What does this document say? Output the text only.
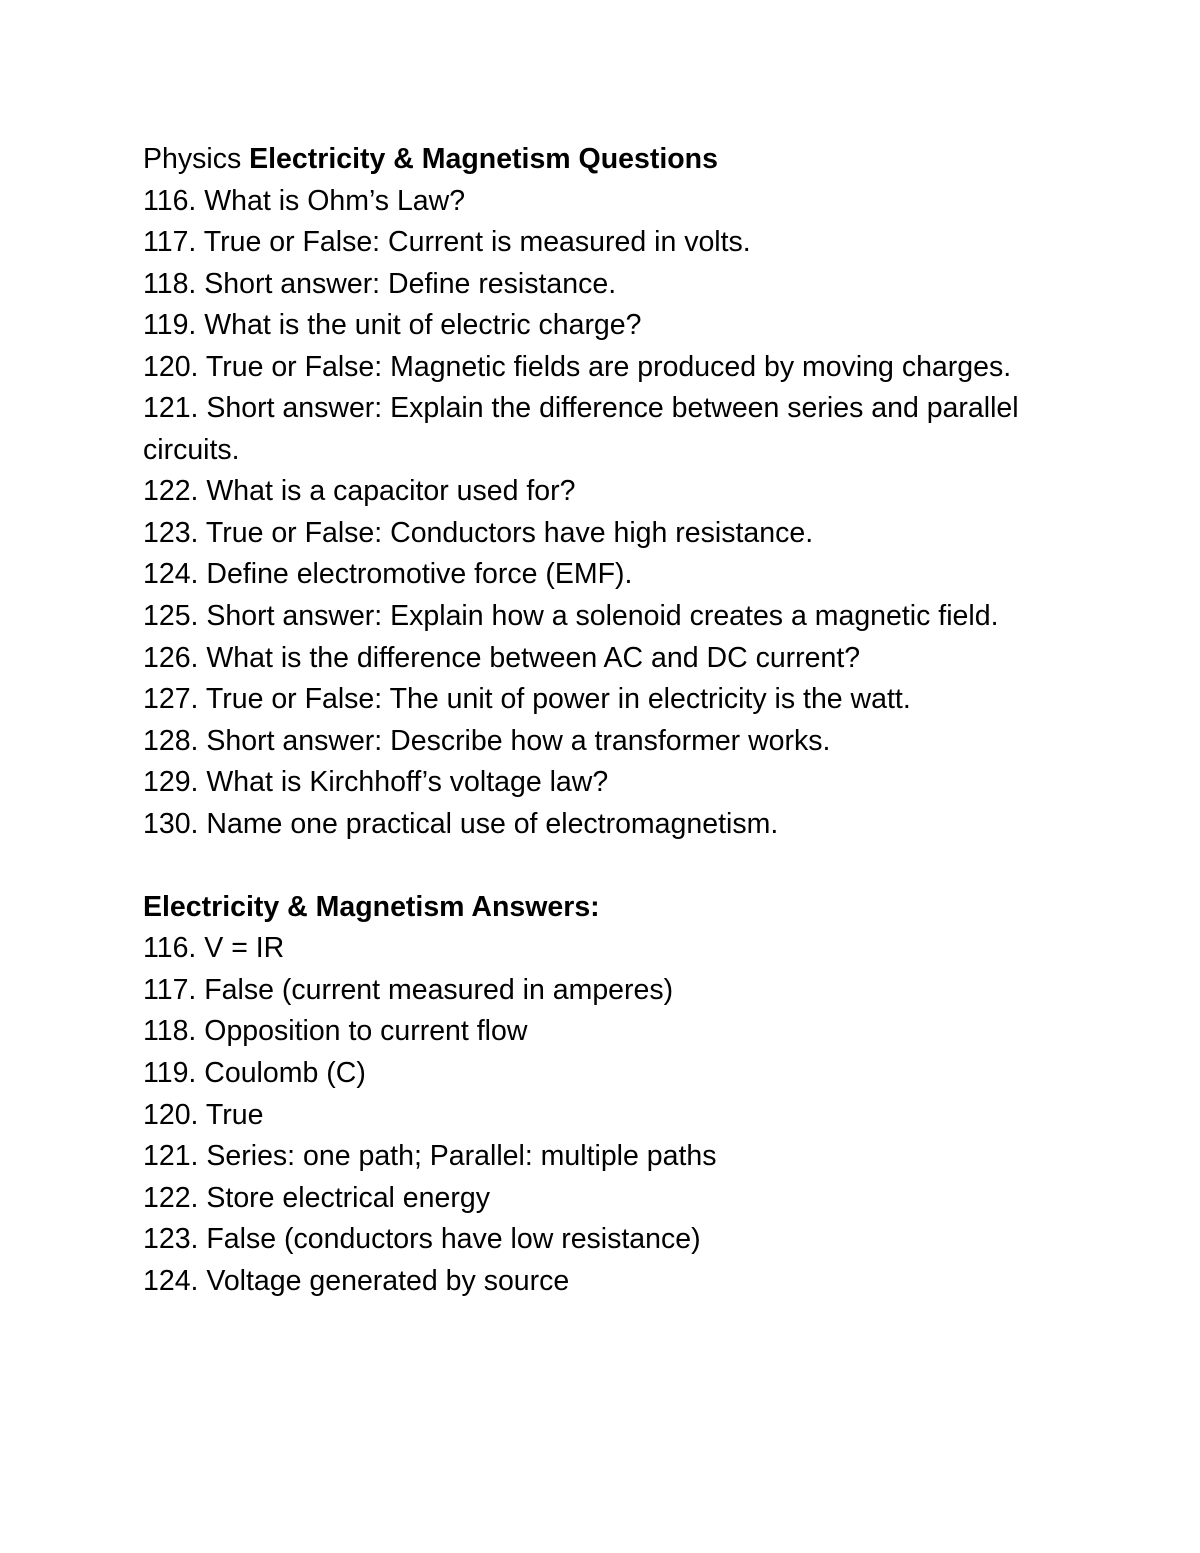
Physics Electricity & Magnetism Questions

116. What is Ohm’s Law?

117. True or False: Current is measured in volts.

118. Short answer: Define resistance.

119. What is the unit of electric charge?

120. True or False: Magnetic fields are produced by moving charges.

121. Short answer: Explain the difference between series and parallel circuits.

122. What is a capacitor used for?

123. True or False: Conductors have high resistance.

124. Define electromotive force (EMF).

125. Short answer: Explain how a solenoid creates a magnetic field.

126. What is the difference between AC and DC current?

127. True or False: The unit of power in electricity is the watt.

128. Short answer: Describe how a transformer works.

129. What is Kirchhoff’s voltage law?

130. Name one practical use of electromagnetism.

Electricity & Magnetism Answers:

116. V = IR

117. False (current measured in amperes)

118. Opposition to current flow

119. Coulomb (C)

120. True

121. Series: one path; Parallel: multiple paths

122. Store electrical energy

123. False (conductors have low resistance)

124. Voltage generated by source
